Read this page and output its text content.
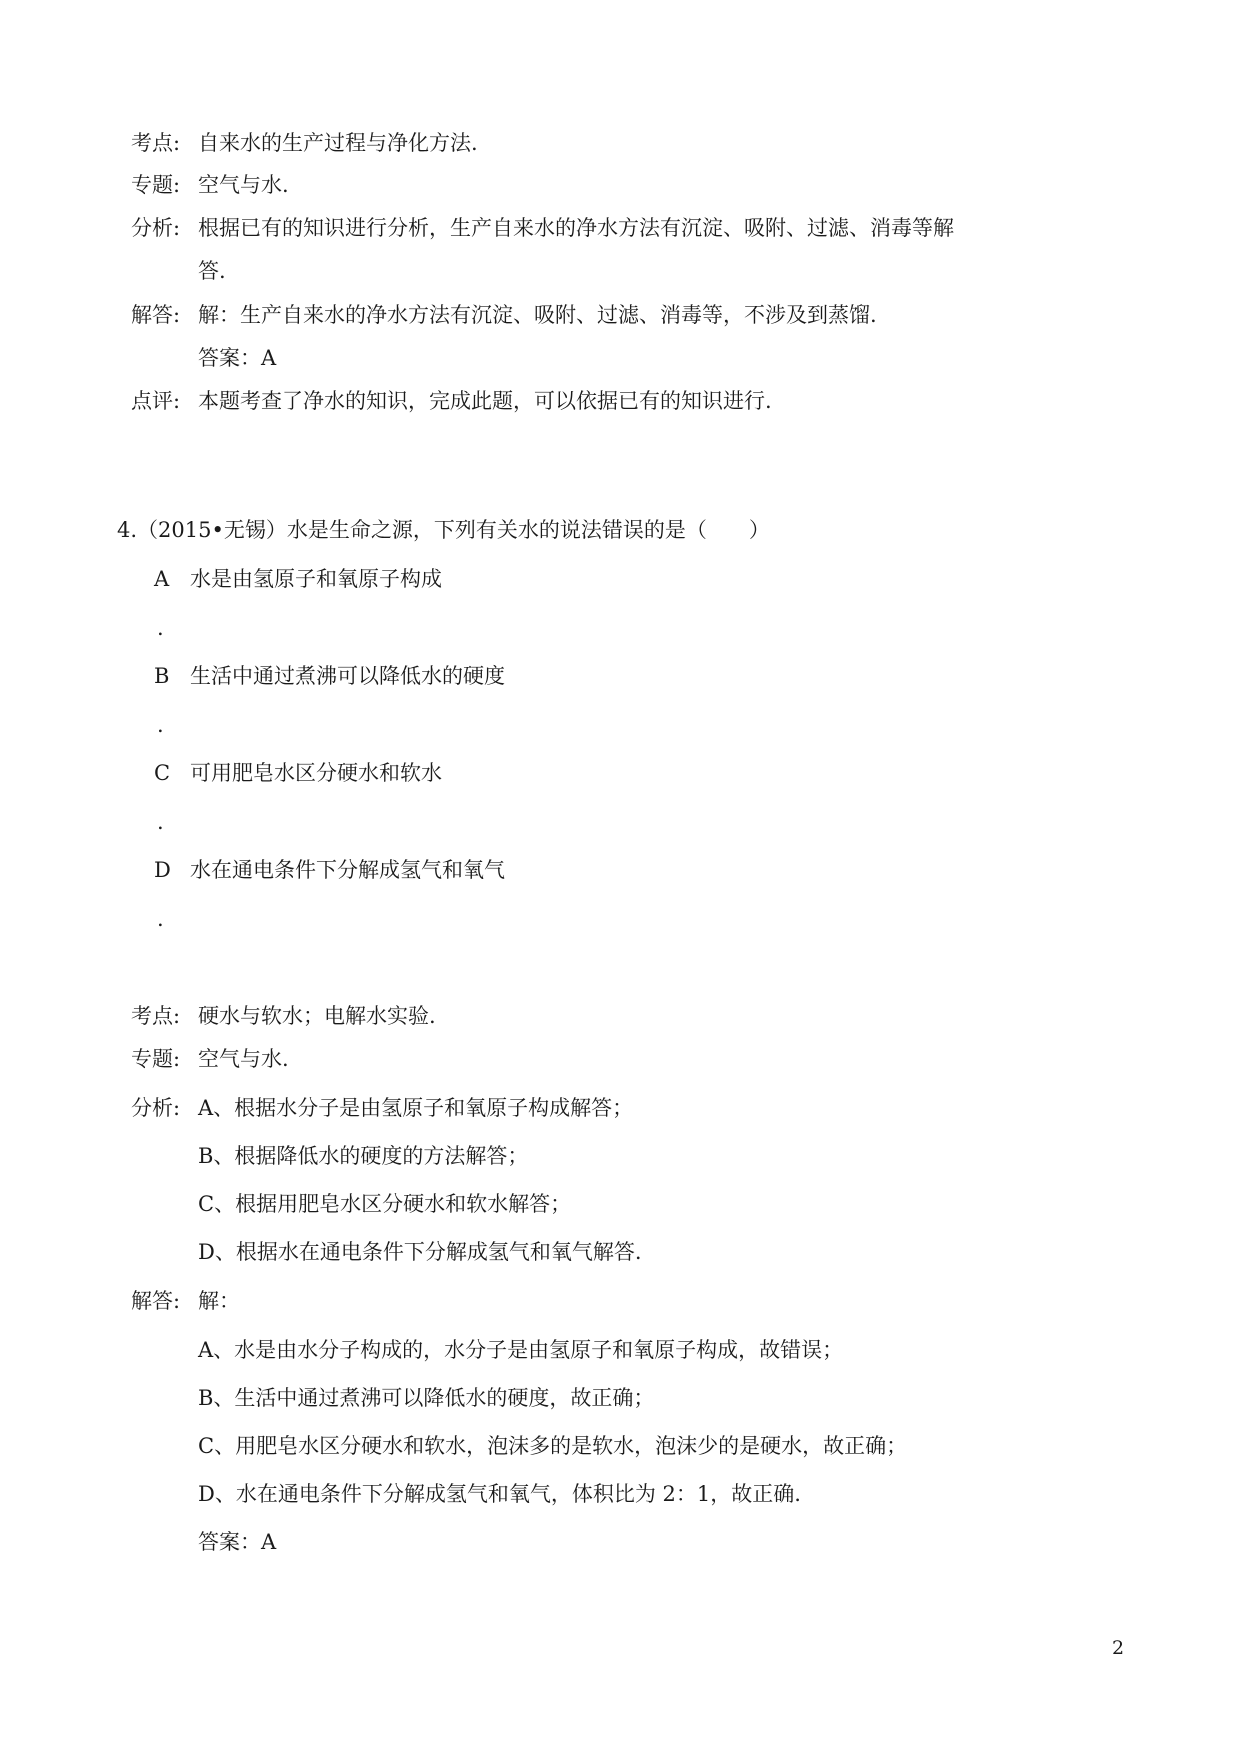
考点: 自来水的生产过程与净化方法.
专题: 空气与水.
分析: 根据已有的知识进行分析，生产自来水的净水方法有沉淀、吸附、过滤、消毒等解
答.
解答: 解：生产自来水的净水方法有沉淀、吸附、过滤、消毒等，不涉及到蒸馏.
答案：A
点评: 本题考查了净水的知识，完成此题，可以依据已有的知识进行.
4.（2015•无锡）水是生命之源，下列有关水的说法错误的是（　　）
A 水是由氢原子和氧原子构成
.
B 生活中通过煮沸可以降低水的硬度
.
C 可用肥皂水区分硬水和软水
.
D 水在通电条件下分解成氢气和氧气
.
考点: 硬水与软水；电解水实验.
专题: 空气与水.
分析: A、根据水分子是由氢原子和氧原子构成解答；
B、根据降低水的硬度的方法解答；
C、根据用肥皂水区分硬水和软水解答；
D、根据水在通电条件下分解成氢气和氧气解答.
解答: 解：
A、水是由水分子构成的，水分子是由氢原子和氧原子构成，故错误；
B、生活中通过煮沸可以降低水的硬度，故正确；
C、用肥皂水区分硬水和软水，泡沫多的是软水，泡沫少的是硬水，故正确；
D、水在通电条件下分解成氢气和氧气，体积比为 2：1，故正确.
答案：A
2
